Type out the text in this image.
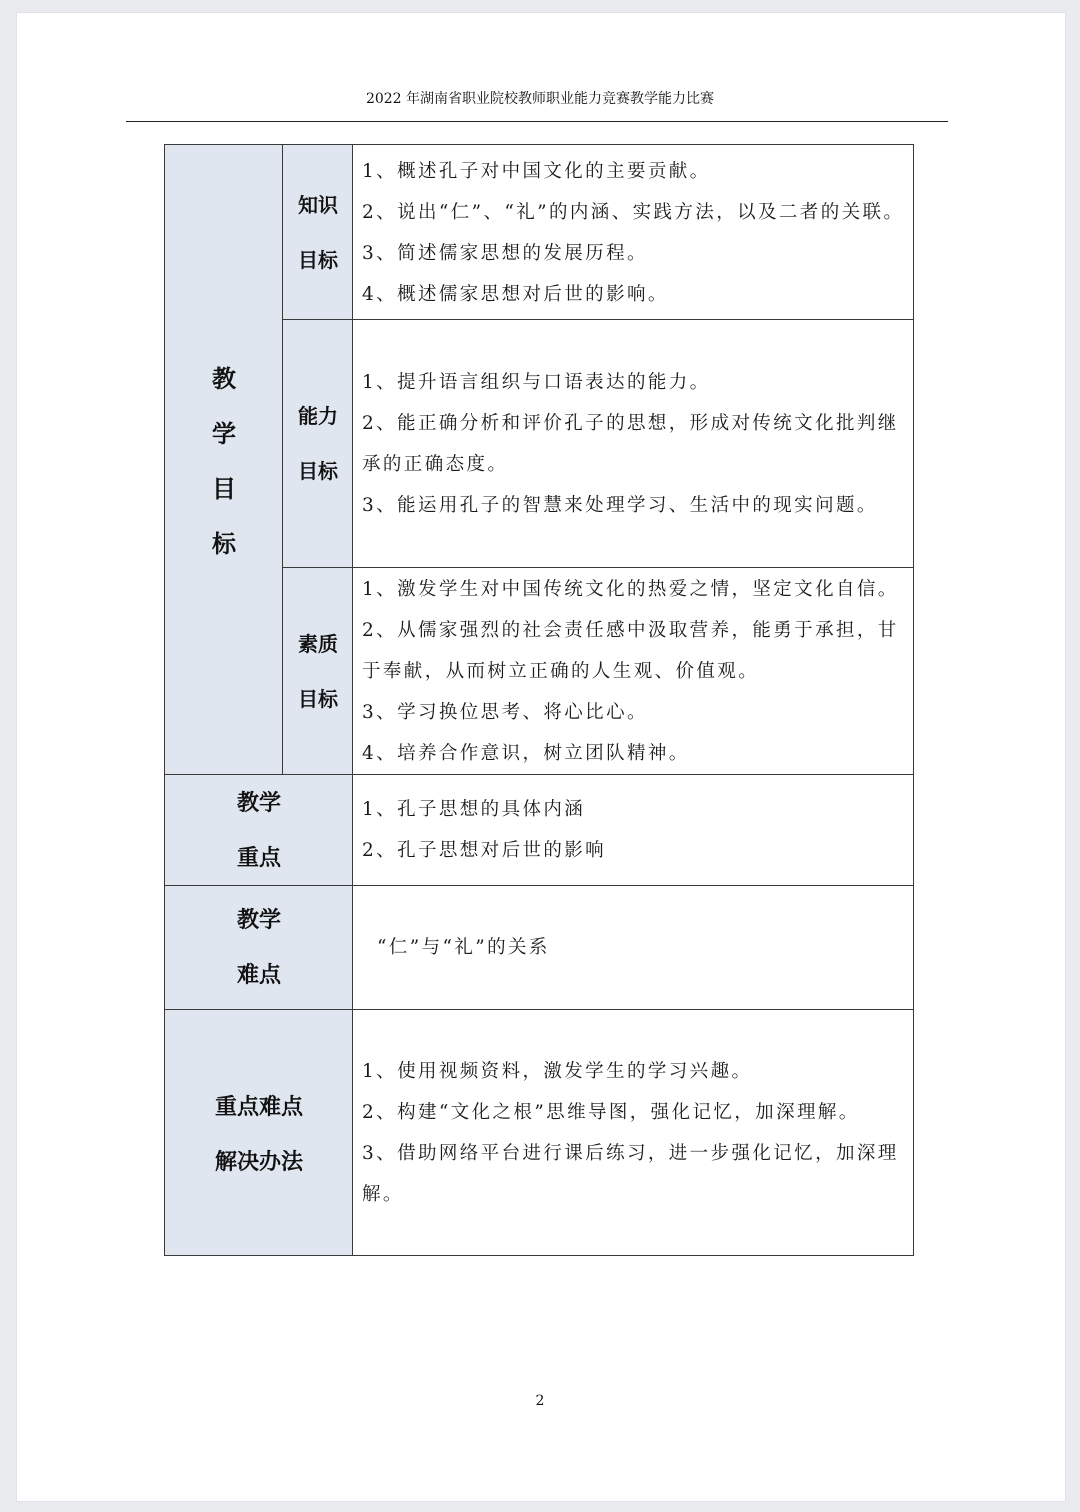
2022 年湖南省职业院校教师职业能力竞赛教学能力比赛
教
学
目
标
知识
目标
1、概述孔子对中国文化的主要贡献。
2、说出“仁”、“礼”的内涵、实践方法，以及二者的关联。
3、简述儒家思想的发展历程。
4、概述儒家思想对后世的影响。
能力
目标
1、提升语言组织与口语表达的能力。
2、能正确分析和评价孔子的思想，形成对传统文化批判继
承的正确态度。
3、能运用孔子的智慧来处理学习、生活中的现实问题。
素质
目标
1、激发学生对中国传统文化的热爱之情，坚定文化自信。
2、从儒家强烈的社会责任感中汲取营养，能勇于承担，甘
于奉献，从而树立正确的人生观、价值观。
3、学习换位思考、将心比心。
4、培养合作意识，树立团队精神。
教学
重点
1、孔子思想的具体内涵
2、孔子思想对后世的影响
教学
难点
“仁”与“礼”的关系
重点难点
解决办法
1、使用视频资料，激发学生的学习兴趣。
2、构建“文化之根”思维导图，强化记忆，加深理解。
3、借助网络平台进行课后练习，进一步强化记忆，加深理
解。
2
